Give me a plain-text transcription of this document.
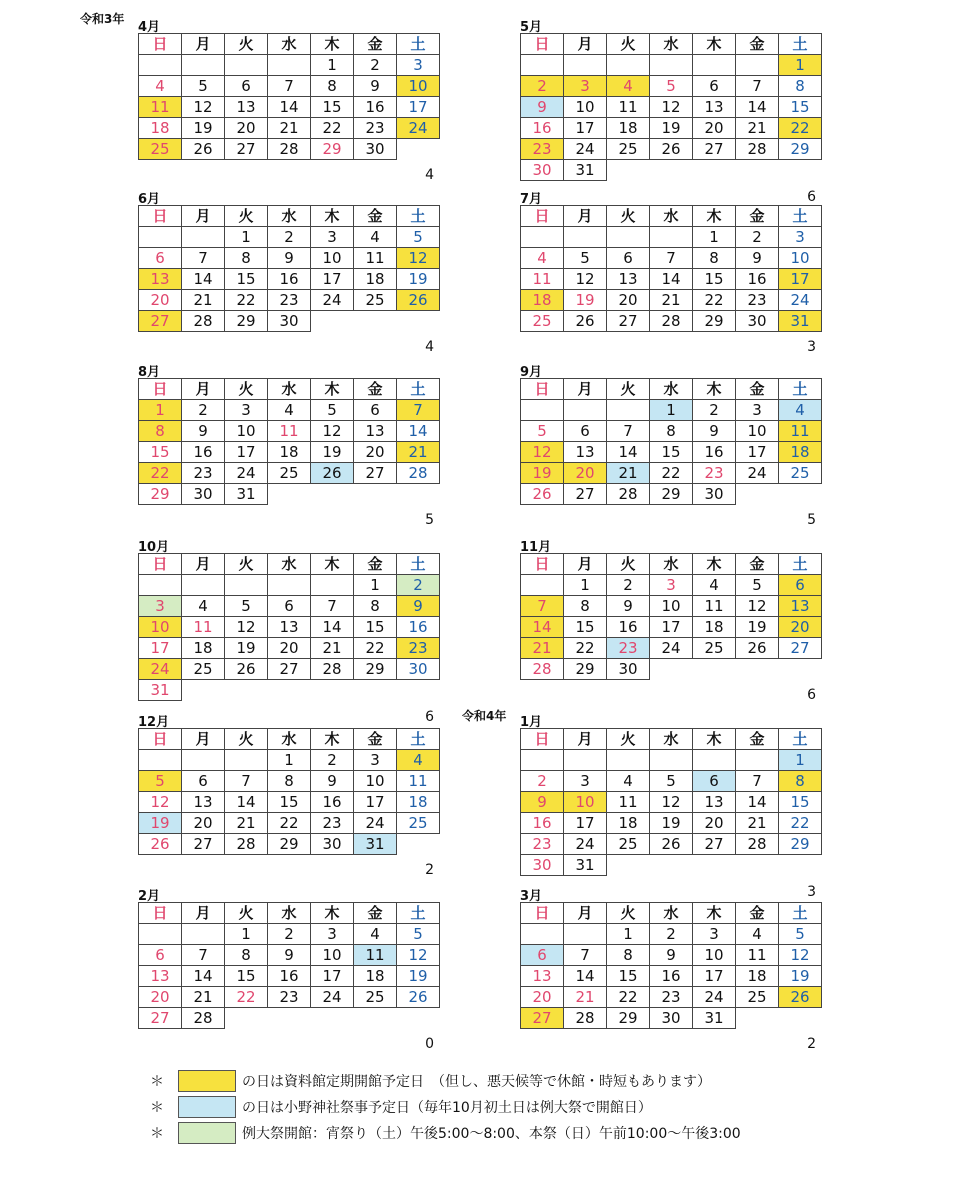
令和3年
令和4年
4月
日	月	火	水	木	金	土
				1	2	3
4	5	6	7	8	9	10
11	12	13	14	15	16	17
18	19	20	21	22	23	24
25	26	27	28	29	30	
4
5月
日	月	火	水	木	金	土
						1
2	3	4	5	6	7	8
9	10	11	12	13	14	15
16	17	18	19	20	21	22
23	24	25	26	27	28	29
30	31					
6
6月
日	月	火	水	木	金	土
		1	2	3	4	5
6	7	8	9	10	11	12
13	14	15	16	17	18	19
20	21	22	23	24	25	26
27	28	29	30			
4
7月
日	月	火	水	木	金	土
				1	2	3
4	5	6	7	8	9	10
11	12	13	14	15	16	17
18	19	20	21	22	23	24
25	26	27	28	29	30	31
3
8月
日	月	火	水	木	金	土
1	2	3	4	5	6	7
8	9	10	11	12	13	14
15	16	17	18	19	20	21
22	23	24	25	26	27	28
29	30	31				
5
9月
日	月	火	水	木	金	土
			1	2	3	4
5	6	7	8	9	10	11
12	13	14	15	16	17	18
19	20	21	22	23	24	25
26	27	28	29	30		
5
10月
日	月	火	水	木	金	土
					1	2
3	4	5	6	7	8	9
10	11	12	13	14	15	16
17	18	19	20	21	22	23
24	25	26	27	28	29	30
31						
6
11月
日	月	火	水	木	金	土
	1	2	3	4	5	6
7	8	9	10	11	12	13
14	15	16	17	18	19	20
21	22	23	24	25	26	27
28	29	30				
6
12月
日	月	火	水	木	金	土
			1	2	3	4
5	6	7	8	9	10	11
12	13	14	15	16	17	18
19	20	21	22	23	24	25
26	27	28	29	30	31	
2
1月
日	月	火	水	木	金	土
						1
2	3	4	5	6	7	8
9	10	11	12	13	14	15
16	17	18	19	20	21	22
23	24	25	26	27	28	29
30	31					
3
2月
日	月	火	水	木	金	土
		1	2	3	4	5
6	7	8	9	10	11	12
13	14	15	16	17	18	19
20	21	22	23	24	25	26
27	28					
0
3月
日	月	火	水	木	金	土
		1	2	3	4	5
6	7	8	9	10	11	12
13	14	15	16	17	18	19
20	21	22	23	24	25	26
27	28	29	30	31		
2
＊	の日は資料館定期開館予定日　（但し、悪天候等で休館・時短もあります）
＊	の日は小野神社祭事予定日（毎年10月初土日は例大祭で開館日）
＊	例大祭開館：宵祭り（土）午後5:00～8:00、本祭（日）午前10:00～午後3:00
